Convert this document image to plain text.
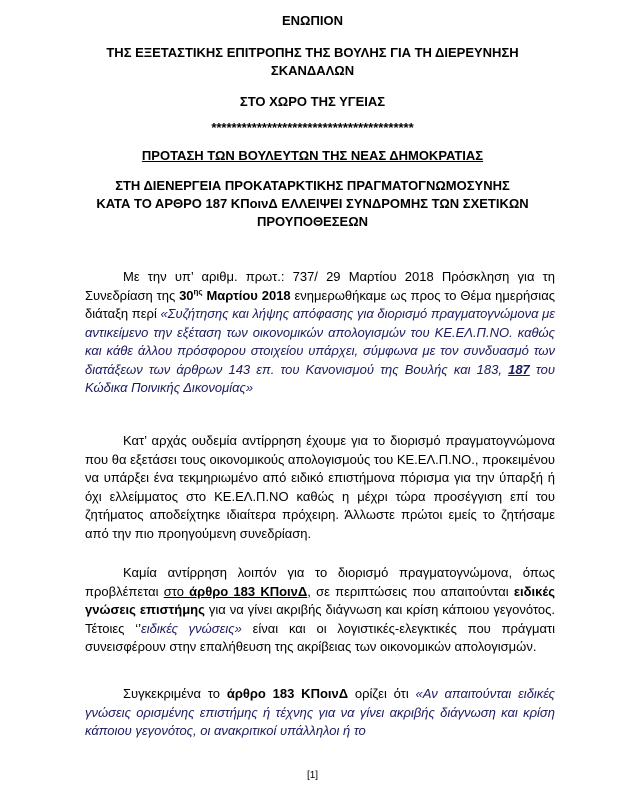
ΕΝΩΠΙΟΝ
ΤΗΣ ΕΞΕΤΑΣΤΙΚΗΣ ΕΠΙΤΡΟΠΗΣ ΤΗΣ ΒΟΥΛΗΣ ΓΙΑ ΤΗ ΔΙΕΡΕΥΝΗΣΗ
ΣΚΑΝΔΑΛΩΝ
ΣΤΟ ΧΩΡΟ ΤΗΣ ΥΓΕΙΑΣ
****************************************
ΠΡΟΤΑΣΗ ΤΩΝ ΒΟΥΛΕΥΤΩΝ ΤΗΣ ΝΕΑΣ ΔΗΜΟΚΡΑΤΙΑΣ
ΣΤΗ ΔΙΕΝΕΡΓΕΙΑ ΠΡΟΚΑΤΑΡΚΤΙΚΗΣ ΠΡΑΓΜΑΤΟΓΝΩΜΟΣΥΝΗΣ
ΚΑΤΑ ΤΟ ΑΡΘΡΟ 187 ΚΠοινΔ ΕΛΛΕΙΨΕΙ ΣΥΝΔΡΟΜΗΣ ΤΩΝ ΣΧΕΤΙΚΩΝ
ΠΡΟΥΠΟΘΕΣΕΩΝ
Με την υπ’ αριθμ. πρωτ.: 737/ 29 Μαρτίου 2018 Πρόσκληση για τη Συνεδρίαση της $30^{\eta\varsigma}$ Μαρτίου 2018 ενημερωθήκαμε ως προς το Θέμα ημερήσιας διάταξη περί «Συζήτησης και λήψης απόφασης για διορισμό πραγματογνώμονα με αντικείμενο την εξέταση των οικονομικών απολογισμών του ΚΕ.ΕΛ.Π.ΝΟ. καθώς και κάθε άλλου πρόσφορου στοιχείου υπάρχει, σύμφωνα με τον συνδυασμό των διατάξεων των άρθρων 143 επ. του Κανονισμού της Βουλής και 183, 187 του Κώδικα Ποινικής Δικονομίας»
Κατ’ αρχάς ουδεμία αντίρρηση έχουμε για το διορισμό πραγματογνώμονα που θα εξετάσει τους οικονομικούς απολογισμούς του ΚΕ.ΕΛ.Π.ΝΟ., προκειμένου να υπάρξει ένα τεκμηριωμένο από ειδικό επιστήμονα πόρισμα για την ύπαρξή ή όχι ελλείμματος στο ΚΕ.ΕΛ.Π.ΝΟ καθώς η μέχρι τώρα προσέγγιση επί του ζητήματος αποδείχτηκε ιδιαίτερα πρόχειρη. Άλλωστε πρώτοι εμείς το ζητήσαμε από την πιο προηγούμενη συνεδρίαση.
Καμία αντίρρηση λοιπόν για το διορισμό πραγματογνώμονα, όπως προβλέπεται στο άρθρο 183 ΚΠοινΔ, σε περιπτώσεις που απαιτούνται ειδικές γνώσεις επιστήμης για να γίνει ακριβής διάγνωση και κρίση κάποιου γεγονότος. Τέτοιες ‘’ειδικές γνώσεις» είναι και οι λογιστικές-ελεγκτικές που πράγματι συνεισφέρουν στην επαλήθευση της ακρίβειας των οικονομικών απολογισμών.
Συγκεκριμένα το άρθρο 183 ΚΠοινΔ ορίζει ότι «Αν απαιτούνται ειδικές γνώσεις ορισμένης επιστήμης ή τέχνης για να γίνει ακριβής διάγνωση και κρίση κάποιου γεγονότος, οι ανακριτικοί υπάλληλοι ή το
[1]
